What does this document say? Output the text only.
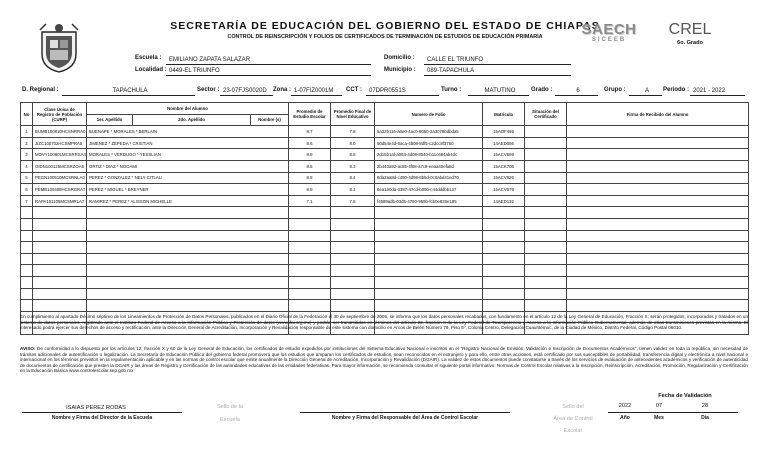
SECRETARÍA DE EDUCACIÓN DEL GOBIERNO DEL ESTADO DE CHIAPAS
CONTROL DE REINSCRIPCIÓN Y FOLIOS DE CERTIFICADOS DE TERMINACIÓN DE ESTUDIOS DE EDUCACIÓN PRIMARIA	SAECH
SICEEB
CREL
6o. Grado
Escuela :	EMILIANO ZAPATA SALAZAR
Localidad : 0449-EL TRIUNFO
Domicilio :	CALLE EL TRIUNFO
Municipio :	089-TAPACHULA
D. Regional :	TAPACHULA	Sector : 23-07FJS0020D	Zona : 1-07FIZ0001M	CCT :	07DPR0551S	Turno :	MATUTINO	Grado :	6	Grupo :	A	Periodo : 2021 - 2022
No	Clave Única de Registro de Población (CURP)	Nombre del Alumno			Promedio de Estudio Escolar	Promedio Final de Nivel Educativo	Numero de Folio	Matricula	Situación del Certificado	Firma de Recibido del Alumno
		1er. Apellido	2do. Apellido	Nombre (s)						
1	BUMB100810HCSNRRA0	BUENAPE * MORALES * BERLAIN			8.7	7.8	5a32b116-a0e0-4ac0-8050-2a3078bdbda5	15AOF469		
2	JIZC100702HCSMPRA5	JIMENEZ * ZEPEDA * CRISTIAN			8.6	8.0	50d54e4d-6aca-4b08-8df5-c2dcc8f3760	14AED086		
3	MOVY100801MCSRRSA4	MORALES * VERDUGO * YESSLIAN			8.9	8.5	2d15b1af-a084-4d08-8040-b11c684ab4dc	15ACV659		
4	OIDN100125MCSRZOA5	ORTIZ * DIAZ * NOOAMI			8.5	8.3	2b440a92-ac85-4f08-a7c8-eeaa40efa8d	15ACK705		
5	PEGN100510MCSRNLA0	PEREZ * GONZALEZ * NELY CITLALI			8.8	8.4	8da2aa8d-c490-4d98-8b5d-0c0abd41ed70	15ACV626		
6	PEMB100408HCSRGRA7	PEREZ * MIGUEL * BREYNER			8.9	8.2	8ea1b0da-0387-47cd-b09b-c44dddbb137	15ACV579		
7	RAPA101105MCSMRLA7	RAMIREZ * PEREZ * ALISSON MICHELLE			7.1	7.6	f4589adb-03d5-4750-959b-fcb0e826e185	14AED132		

En cumplimiento al apartado Décimo séptimo de los Lineamientos de Protección de Datos Personales, publicados en el Diario Oficial de la Federación el 30 de septiembre de 2005, se informa que los datos personales recabados, con fundamento en el artículo 12 de la Ley General de Educación, Fracción X; serán protegidos, incorporados y tratados en un sistema de datos personales, registrado ante el Instituto Federal de Acceso a la Información Pública y Protección de datos (www.ifai.org.mx) y podrán ser transmitidos en términos del artículo 22, fracción II de la Ley Federal de Transparencia y Acceso a la Información Pública Gubernamental, además de otras transmisiones previstas en la misma. El interesado podrá ejercer sus derechos de acceso y rectificación, ante la Dirección General de Acreditación, Incorporación y Revalidación responsable de este sistema con domicilio en Arcos de Belén Número 79, Piso 5º, Colonia Centro, Delegación Cuauhtémoc, de la Ciudad de México, Distrito Federal, Código Postal 06010.
AVISO: De conformidad a lo dispuesto por los artículos 12, fracción X y 60 de la Ley General de Educación, los certificados de estudio expedidos por instituciones del Sistema Educativo Nacional e inscritos en el "Registro Nacional de Emisión, Validación e Inscripción de Documentos Académicos", tienen validez en toda la república, sin necesidad de trámites adicionales de autentificación o legalización. La Secretaría de Educación Pública del gobierno federal promoverá que los estudios que amparan los certificados de estudios, sean reconocidos en el extranjero y para ello, entre otras acciones, está certificado por sus susceptibles de portabilidad, transferencia digital y electrónica a nivel nacional e internacional en los términos previstos en la regulamentación aplicable y en las normas de control escolar que emite anualmente la Dirección General de Acreditación, Incorporación y Revalidación (DGAIR). La validez de estos documentos puede constatarse a través de los servicios de evaluación de antecedentes académicos y verificación de autenticidad de documentos de certificación que presten la DGAIR y las áreas de Registro y Certificación de las autoridades educativas de las entidades federativas. Para mayor información, se recomienda consultar el siguiente portal informativo: Normas de Control Escolar relativas a la Inscripción, Reinscripción, Acreditación, Promoción, Regularización y Certificación en la Educación Básica www.controlescolar.sep.gob.mx
ISAIAS PEREZ RODAS
Nombre y Firma del Director de la Escuela
Sello de la
Escuela	Nombre y Firma del Responsable del Área de Control Escolar
Sello del
Área de Control
Escolar
Fecha de Validación
2022	07	28
Año	Mes	Día
